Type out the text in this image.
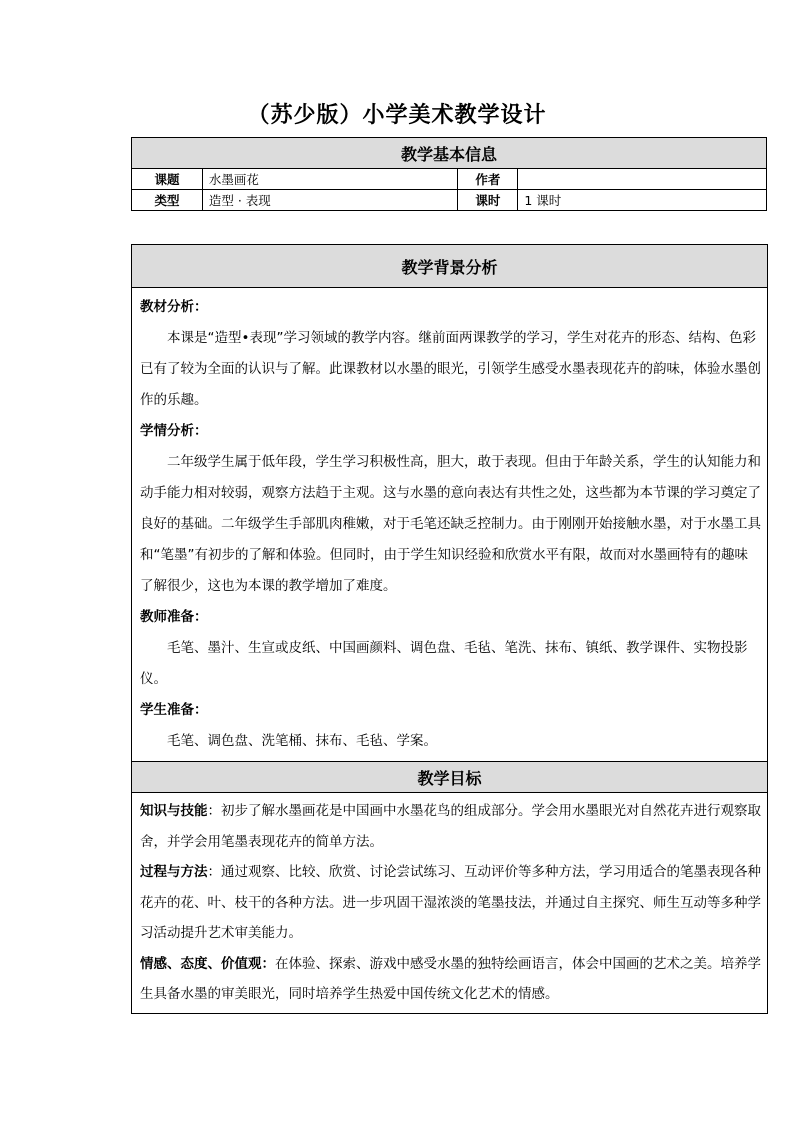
（苏少版）小学美术教学设计
教学基本信息			
课题	水墨画花	作者	
类型	造型 · 表现	课时	1 课时
教学背景分析

教材分析：
本课是“造型•表现”学习领域的教学内容。继前面两课教学的学习，学生对花卉的形态、结构、色彩已有了较为全面的认识与了解。此课教材以水墨的眼光，引领学生感受水墨表现花卉的韵味，体验水墨创作的乐趣。
学情分析：
二年级学生属于低年段，学生学习积极性高，胆大，敢于表现。但由于年龄关系，学生的认知能力和动手能力相对较弱，观察方法趋于主观。这与水墨的意向表达有共性之处，这些都为本节课的学习奠定了良好的基础。二年级学生手部肌肉稚嫩，对于毛笔还缺乏控制力。由于刚刚开始接触水墨，对于水墨工具和“笔墨”有初步的了解和体验。但同时，由于学生知识经验和欣赏水平有限，故而对水墨画特有的趣味了解很少，这也为本课的教学增加了难度。
教师准备：
毛笔、墨汁、生宣或皮纸、中国画颜料、调色盘、毛毡、笔洗、抹布、镇纸、教学课件、实物投影仪。
学生准备：
毛笔、调色盘、洗笔桶、抹布、毛毡、学案。

教学目标

知识与技能：初步了解水墨画花是中国画中水墨花鸟的组成部分。学会用水墨眼光对自然花卉进行观察取舍，并学会用笔墨表现花卉的简单方法。
过程与方法：通过观察、比较、欣赏、讨论尝试练习、互动评价等多种方法，学习用适合的笔墨表现各种花卉的花、叶、枝干的各种方法。进一步巩固干湿浓淡的笔墨技法，并通过自主探究、师生互动等多种学习活动提升艺术审美能力。
情感、态度、价值观：在体验、探索、游戏中感受水墨的独特绘画语言，体会中国画的艺术之美。培养学生具备水墨的审美眼光，同时培养学生热爱中国传统文化艺术的情感。
